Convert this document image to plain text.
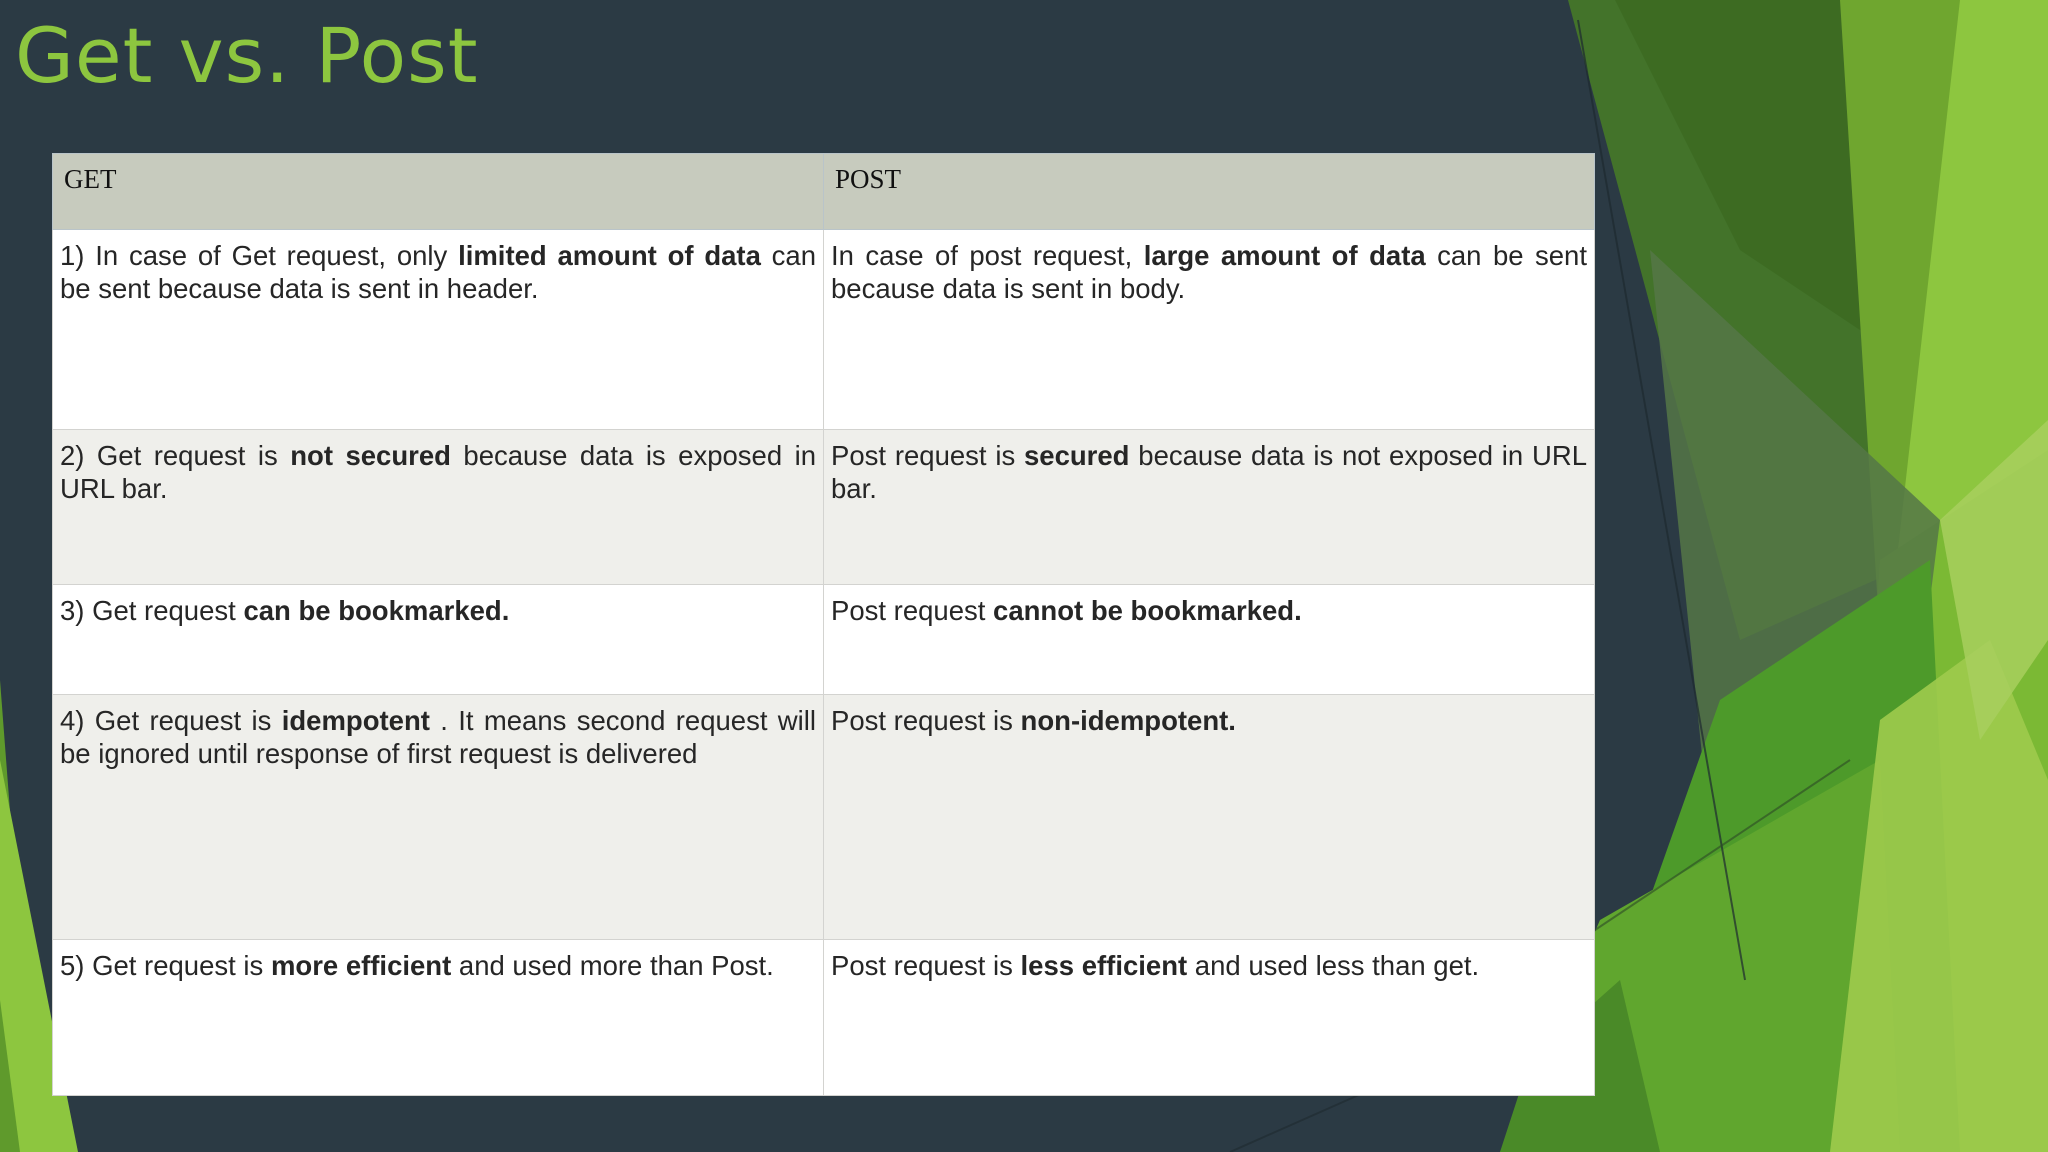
Get vs. Post
GET	POST
1) In case of Get request, only limited amount of data can be sent because data is sent in header.	In case of post request, large amount of data can be sent because data is sent in body.
2) Get request is not secured because data is exposed in URL bar.	Post request is secured because data is not exposed in URL bar.
3) Get request can be bookmarked.	Post request cannot be bookmarked.
4) Get request is idempotent . It means second request will be ignored until response of first request is delivered	Post request is non-idempotent.
5) Get request is more efficient and used more than Post.	Post request is less efficient and used less than get.
